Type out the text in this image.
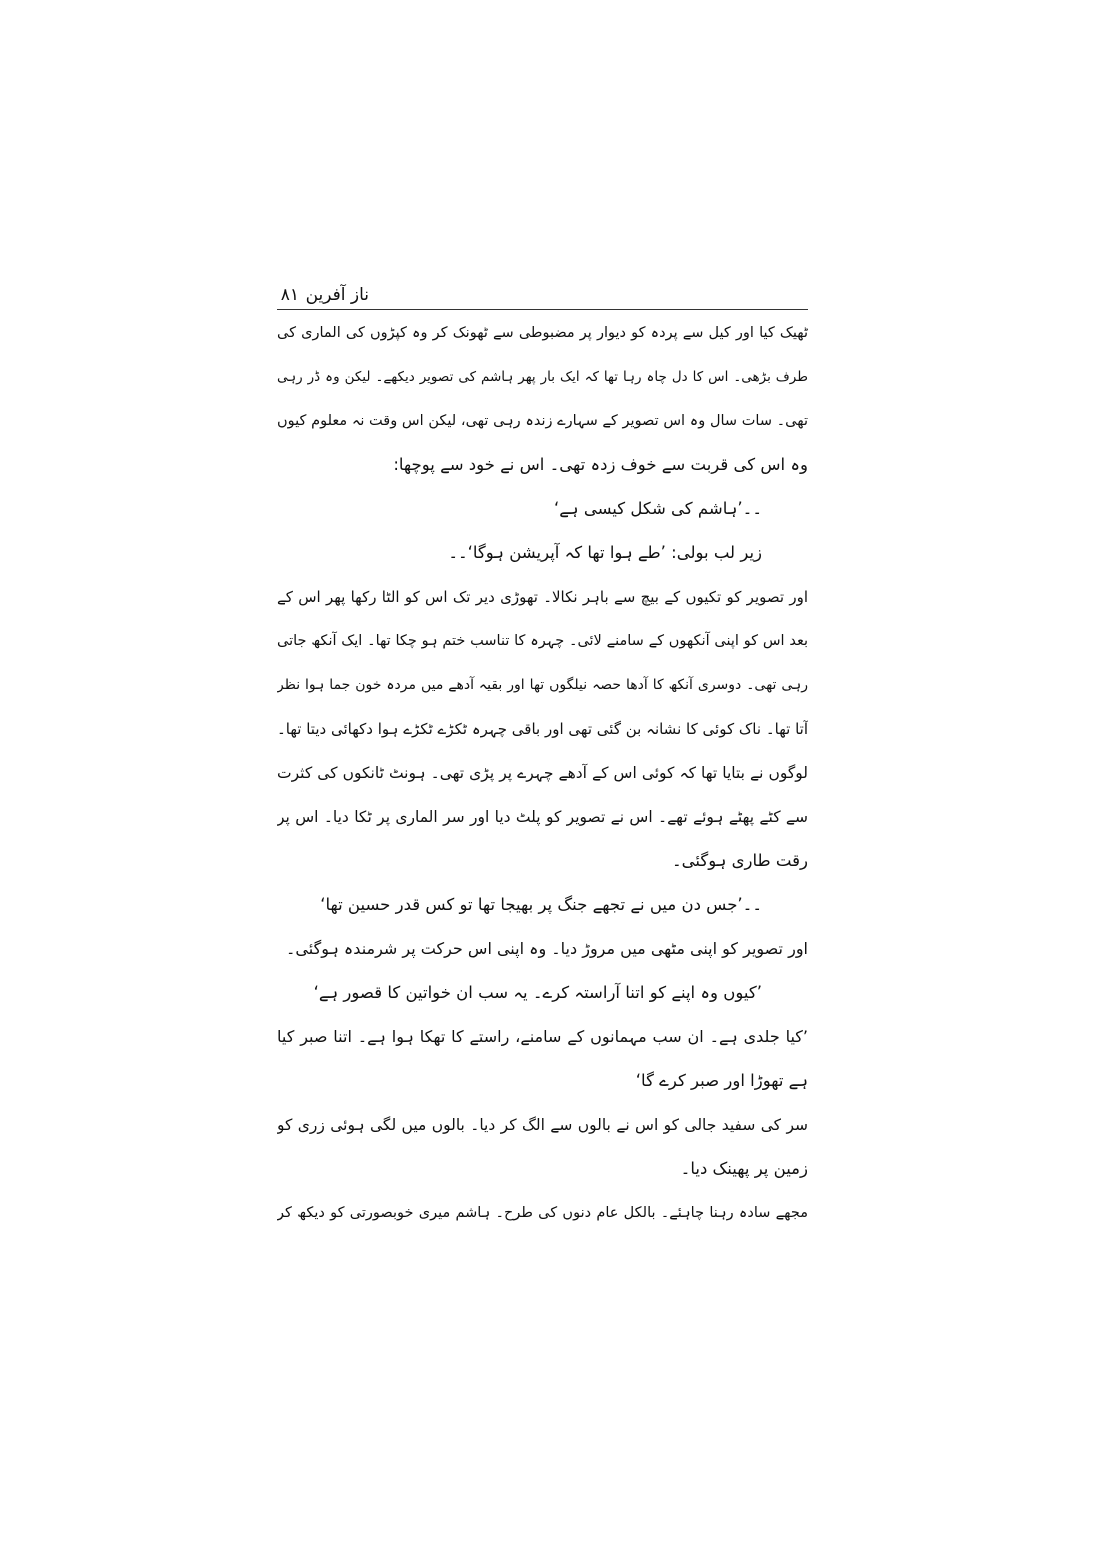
ناز آفرین
۸۱
ٹھیک کیا اور کیل سے پردہ کو دیوار پر مضبوطی سے ٹھونک کر وہ کپڑوں کی الماری کی
طرف بڑھی۔ اس کا دل چاہ رہا تھا کہ ایک بار پھر ہاشم کی تصویر دیکھے۔ لیکن وہ ڈر رہی
تھی۔ سات سال وہ اس تصویر کے سہارے زندہ رہی تھی، لیکن اس وقت نہ معلوم کیوں
وہ اس کی قربت سے خوف زدہ تھی۔ اس نے خود سے پوچھا:
۔۔’ہاشم کی شکل کیسی ہے‘
زیر لب بولی: ’طے ہوا تھا کہ آپریشن ہوگا‘۔۔
اور تصویر کو تکیوں کے بیچ سے باہر نکالا۔ تھوڑی دیر تک اس کو الٹا رکھا پھر اس کے
بعد اس کو اپنی آنکھوں کے سامنے لائی۔ چہرہ کا تناسب ختم ہو چکا تھا۔ ایک آنکھ جاتی
رہی تھی۔ دوسری آنکھ کا آدھا حصہ نیلگوں تھا اور بقیہ آدھے میں مردہ خون جما ہوا نظر
آتا تھا۔ ناک کوئی کا نشانہ بن گئی تھی اور باقی چہرہ ٹکڑے ٹکڑے ہوا دکھائی دیتا تھا۔
لوگوں نے بتایا تھا کہ کوئی اس کے آدھے چہرے پر پڑی تھی۔ ہونٹ ٹانکوں کی کثرت
سے کٹے پھٹے ہوئے تھے۔ اس نے تصویر کو پلٹ دیا اور سر الماری پر ٹکا دیا۔ اس پر
رقت طاری ہوگئی۔
۔۔’جس دن میں نے تجھے جنگ پر بھیجا تھا تو کس قدر حسین تھا‘
اور تصویر کو اپنی مٹھی میں مروڑ دیا۔ وہ اپنی اس حرکت پر شرمندہ ہوگئی۔
’کیوں وہ اپنے کو اتنا آراستہ کرے۔ یہ سب ان خواتین کا قصور ہے‘
’کیا جلدی ہے۔ ان سب مہمانوں کے سامنے، راستے کا تھکا ہوا ہے۔ اتنا صبر کیا
ہے تھوڑا اور صبر کرے گا‘
سر کی سفید جالی کو اس نے بالوں سے الگ کر دیا۔ بالوں میں لگی ہوئی زری کو
زمین پر پھینک دیا۔
مجھے سادہ رہنا چاہئے۔ بالکل عام دنوں کی طرح۔ ہاشم میری خوبصورتی کو دیکھ کر
